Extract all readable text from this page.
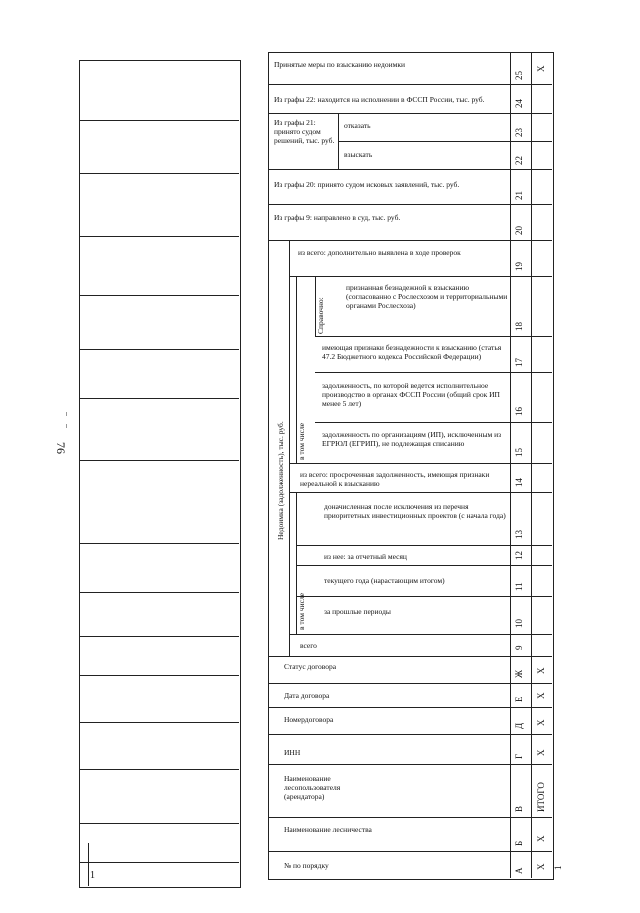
76
1
Принятые меры по взысканию недоимки
Из графы 22: находится на исполнении в ФССП России, тыс. руб.
Из графы 21: принято судом решений, тыс. руб.
отказать
взыскать
Из графы 20: принято судом исковых заявлений, тыс. руб.
Из графы 9: направлено в суд, тыс. руб.
из всего: дополнительно выявлена в ходе проверок
Справочно:
признанная безнадежной к взысканию (согласованно с Рослесхозом и территориальными органами Рослесхоза)
имеющая признаки безнадежности к взысканию (статья 47.2 Бюджетного кодекса Российской Федерации)
задолженность, по которой ведется исполнительное производство в органах ФССП России (общий срок ИП менее 5 лет)
задолженность по организациям (ИП), исключенным из ЕГРЮЛ (ЕГРИП), не подлежащая списанию
в том числе
из всего: просроченная задолженность, имеющая признаки нереальной к взысканию
доначисленная после исключения из перечня приоритетных инвестиционных проектов (с начала года)
из нее: за отчетный месяц
текущего года (нарастающим итогом)
за прошлые периоды
в том числе
всего
Недоимка (задолженность), тыс. руб.
Статус договора
Дата договора
Номердоговора
ИНН
Наименование лесопользователя (арендатора)
Наименование лесничества
№ по порядку
25
24
23
22
21
20
19
18
17
16
15
14
13
12
11
10
9
Ж
Е
Д
Г
В
Б
А
Х
Х
Х
Х
Х
ИТОГО
Х
Х 1
